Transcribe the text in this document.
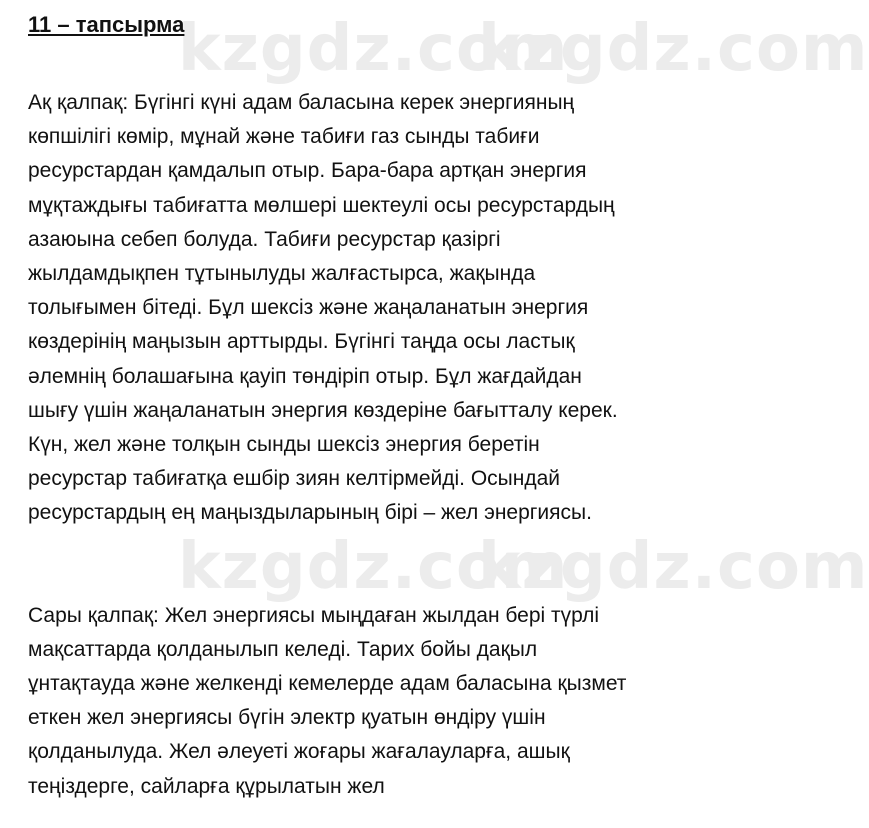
kzgdz.com
kzgdz.com
kzgdz.com
kzgdz.com
11 – тапсырма

Ақ қалпақ: Бүгінгі күні адам баласына керек энергияның

көпшілігі көмір, мұнай және табиғи газ сынды табиғи

ресурстардан қамдалып отыр. Бара-бара артқан энергия

мұқтаждығы табиғатта мөлшері шектеулі осы ресурстардың

азаюына себеп болуда. Табиғи ресурстар қазіргі

жылдамдықпен тұтынылуды жалғастырса, жақында

толығымен бітеді. Бұл шексіз және жаңаланатын энергия

көздерінің маңызын арттырды. Бүгінгі таңда осы ластық

әлемнің болашағына қауіп төндіріп отыр. Бұл жағдайдан

шығу үшін жаңаланатын энергия көздеріне бағытталу керек.

Күн, жел және толқын сынды шексіз энергия беретін

ресурстар табиғатқа ешбір зиян келтірмейді. Осындай

ресурстардың ең маңыздыларының бірі – жел энергиясы.

Сары қалпақ: Жел энергиясы мыңдаған жылдан бері түрлі

мақсаттарда қолданылып келеді. Тарих бойы дақыл

ұнтақтауда және желкенді кемелерде адам баласына қызмет

еткен жел энергиясы бүгін электр қуатын өндіру үшін

қолданылуда. Жел әлеуеті жоғары жағалауларға, ашық

теңіздерге, сайларға құрылатын жел
